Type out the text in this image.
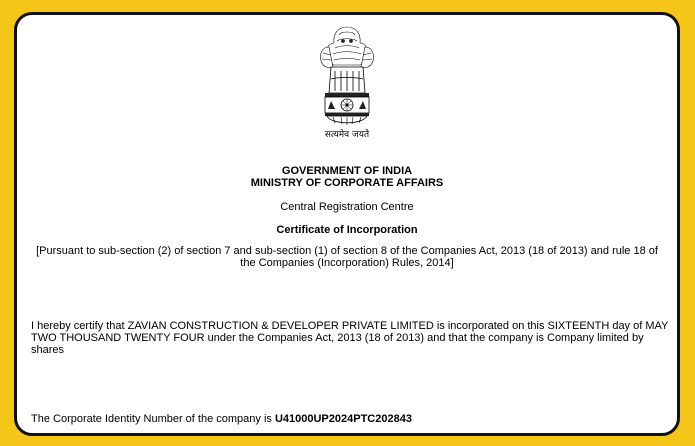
सत्यमेव जयते
GOVERNMENT OF INDIA
MINISTRY OF CORPORATE AFFAIRS
Central Registration Centre
Certificate of Incorporation
[Pursuant to sub-section (2) of section 7 and sub-section (1) of section 8 of the Companies Act, 2013 (18 of 2013) and rule 18 of the Companies (Incorporation) Rules, 2014]
I hereby certify that ZAVIAN CONSTRUCTION & DEVELOPER PRIVATE LIMITED is incorporated on this SIXTEENTH day of MAY TWO THOUSAND TWENTY FOUR under the Companies Act, 2013 (18 of 2013) and that the company is Company limited by shares
The Corporate Identity Number of the company is U41000UP2024PTC202843
